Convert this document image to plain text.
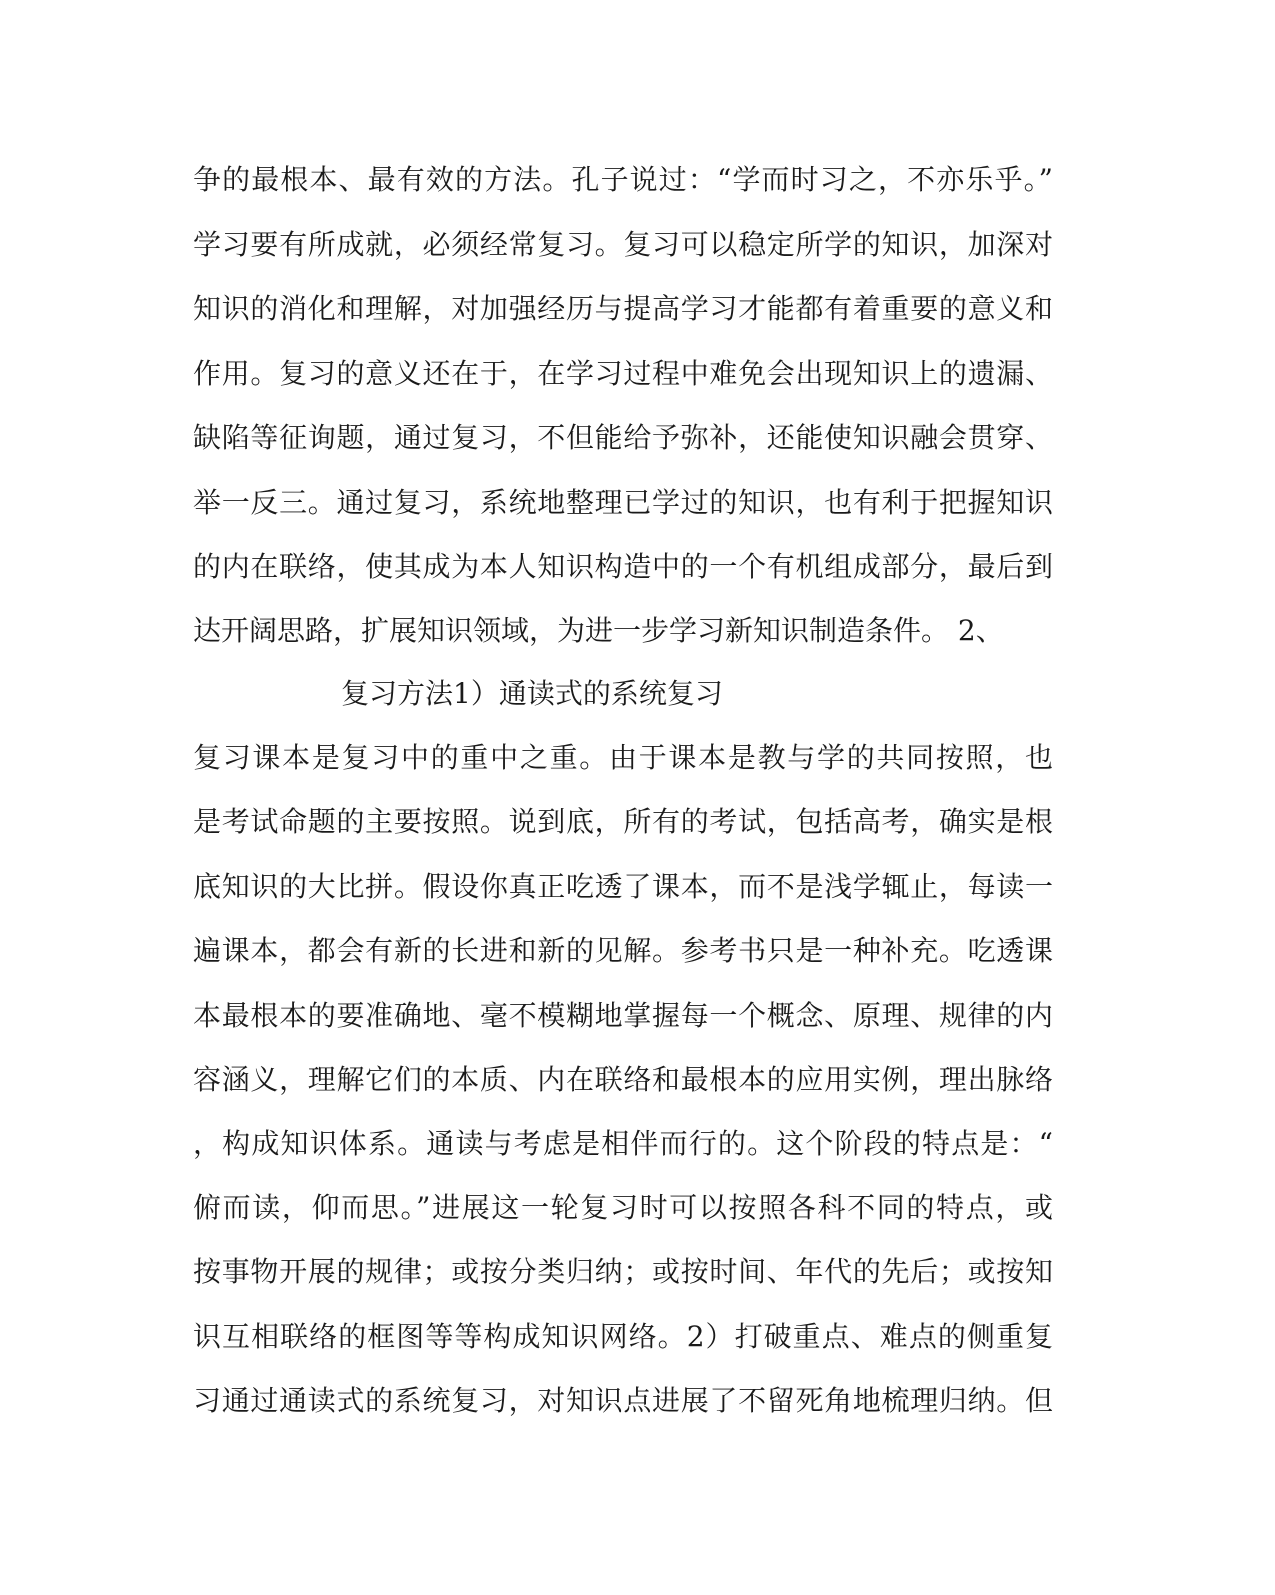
争的最根本、最有效的方法。孔子说过：“学而时习之，不亦乐乎。”
学习要有所成就，必须经常复习。复习可以稳定所学的知识，加深对
知识的消化和理解，对加强经历与提高学习才能都有着重要的意义和
作用。复习的意义还在于，在学习过程中难免会出现知识上的遗漏、
缺陷等征询题，通过复习，不但能给予弥补，还能使知识融会贯穿、
举一反三。通过复习，系统地整理已学过的知识，也有利于把握知识
的内在联络，使其成为本人知识构造中的一个有机组成部分，最后到
达开阔思路，扩展知识领域，为进一步学习新知识制造条件。 2、
复习方法1）通读式的系统复习
复习课本是复习中的重中之重。由于课本是教与学的共同按照，也
是考试命题的主要按照。说到底，所有的考试，包括高考，确实是根
底知识的大比拼。假设你真正吃透了课本，而不是浅学辄止，每读一
遍课本，都会有新的长进和新的见解。参考书只是一种补充。吃透课
本最根本的要准确地、毫不模糊地掌握每一个概念、原理、规律的内
容涵义，理解它们的本质、内在联络和最根本的应用实例，理出脉络
，构成知识体系。通读与考虑是相伴而行的。这个阶段的特点是：“
俯而读，仰而思。”进展这一轮复习时可以按照各科不同的特点，或
按事物开展的规律；或按分类归纳；或按时间、年代的先后；或按知
识互相联络的框图等等构成知识网络。2）打破重点、难点的侧重复
习通过通读式的系统复习，对知识点进展了不留死角地梳理归纳。但
